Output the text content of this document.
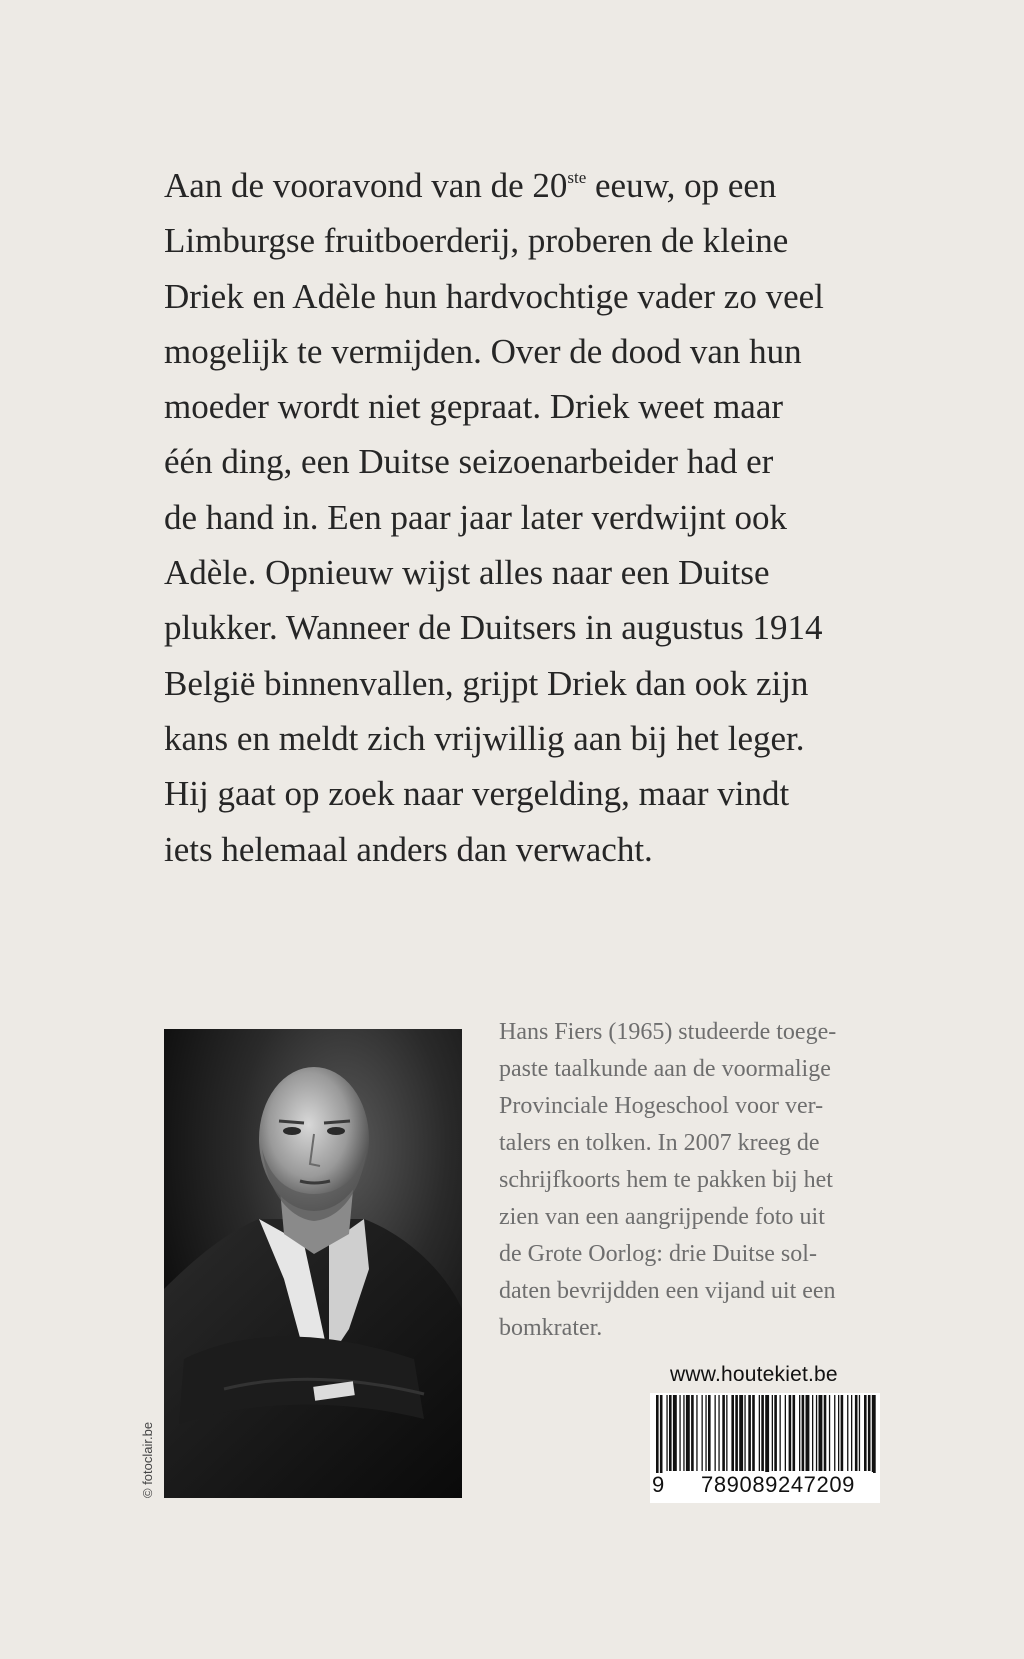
Aan de vooravond van de 20ste eeuw, op een
Limburgse fruitboerderij, proberen de kleine
Driek en Adèle hun hardvochtige vader zo veel
mogelijk te vermijden. Over de dood van hun
moeder wordt niet gepraat. Driek weet maar
één ding, een Duitse seizoenarbeider had er
de hand in. Een paar jaar later verdwijnt ook
Adèle. Opnieuw wijst alles naar een Duitse
plukker. Wanneer de Duitsers in augustus 1914
België binnenvallen, grijpt Driek dan ook zijn
kans en meldt zich vrijwillig aan bij het leger.
Hij gaat op zoek naar vergelding, maar vindt
iets helemaal anders dan verwacht.
© fotoclair.be
Hans Fiers (1965) studeerde toege-
paste taalkunde aan de voormalige
Provinciale Hogeschool voor ver-
talers en tolken. In 2007 kreeg de
schrijfkoorts hem te pakken bij het
zien van een aangrijpende foto uit
de Grote Oorlog: drie Duitse sol-
daten bevrijdden een vijand uit een
bomkrater.
www.houtekiet.be
9	789089247209
